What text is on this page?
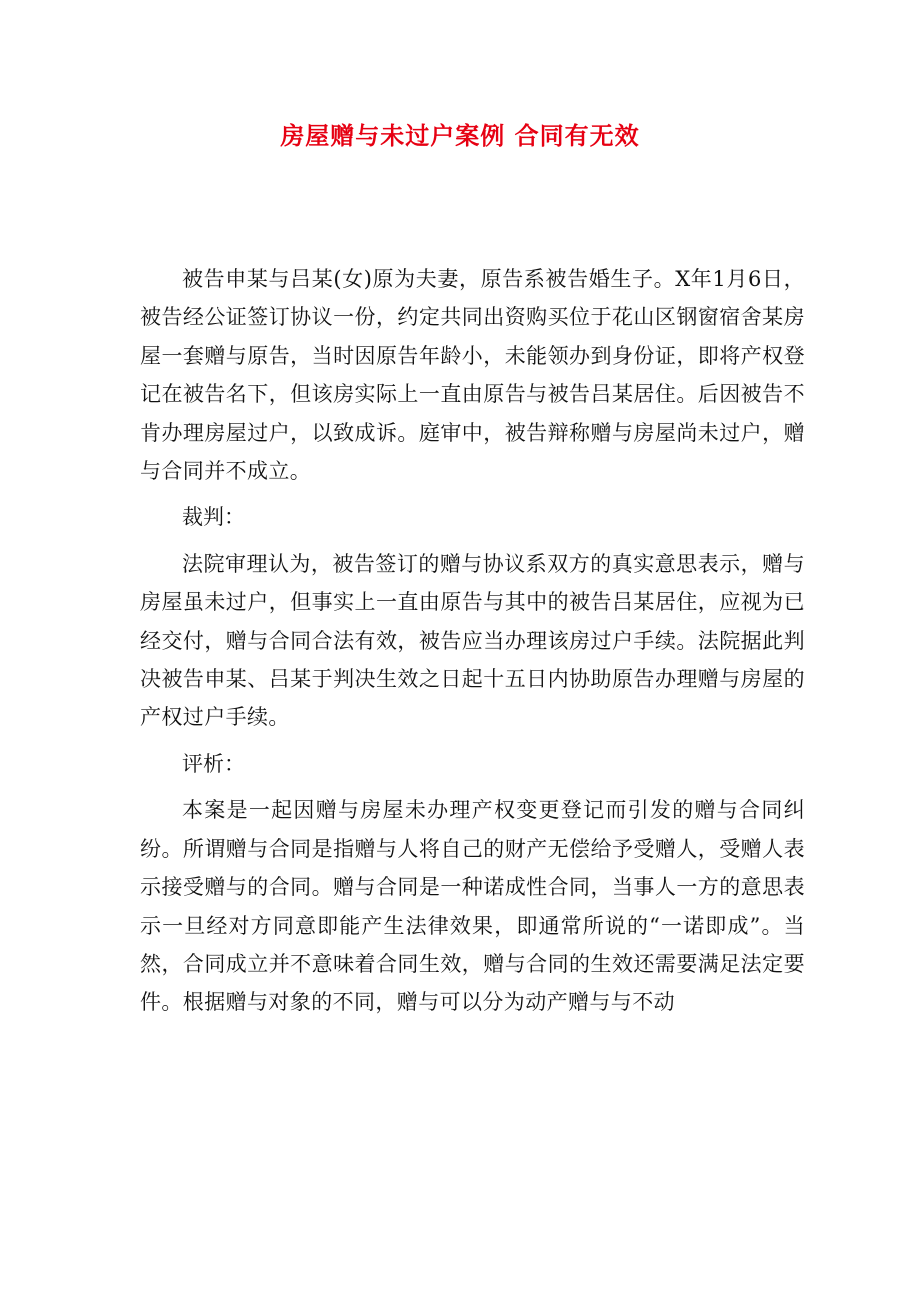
房屋赠与未过户案例 合同有无效

被告申某与吕某(女)原为夫妻，原告系被告婚生子。X年1月6日，被告经公证签订协议一份，约定共同出资购买位于花山区钢窗宿舍某房屋一套赠与原告，当时因原告年龄小，未能领办到身份证，即将产权登记在被告名下，但该房实际上一直由原告与被告吕某居住。后因被告不肯办理房屋过户，以致成诉。庭审中，被告辩称赠与房屋尚未过户，赠与合同并不成立。

裁判：

法院审理认为，被告签订的赠与协议系双方的真实意思表示，赠与房屋虽未过户，但事实上一直由原告与其中的被告吕某居住，应视为已经交付，赠与合同合法有效，被告应当办理该房过户手续。法院据此判决被告申某、吕某于判决生效之日起十五日内协助原告办理赠与房屋的产权过户手续。

评析：

本案是一起因赠与房屋未办理产权变更登记而引发的赠与合同纠纷。所谓赠与合同是指赠与人将自己的财产无偿给予受赠人，受赠人表示接受赠与的合同。赠与合同是一种诺成性合同，当事人一方的意思表示一旦经对方同意即能产生法律效果，即通常所说的“一诺即成”。当然，合同成立并不意味着合同生效，赠与合同的生效还需要满足法定要件。根据赠与对象的不同，赠与可以分为动产赠与与不动
